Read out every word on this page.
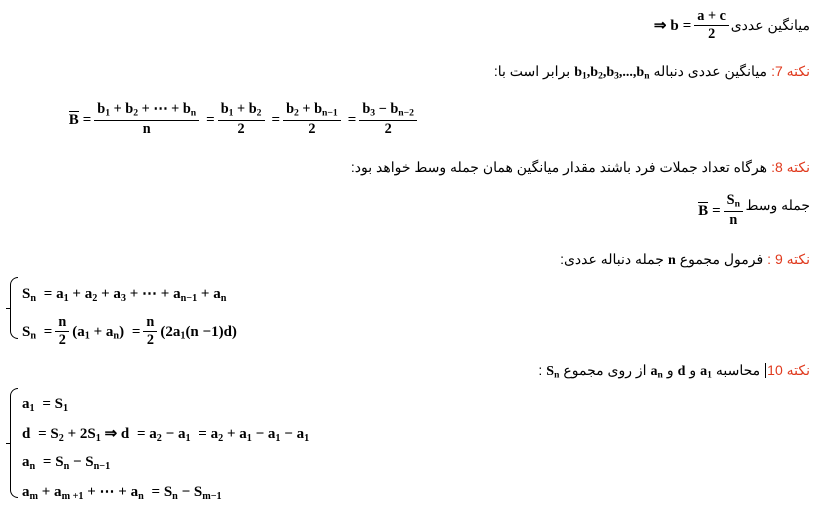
میانگین عددی
⇒ $b = \frac{a + c}{2}$
نکته 7: میانگین عددی دنباله $b_1,b_2,b_3,...,b_n$ برابر است با:
$B = \frac{b_1 + b_2 + \cdots + b_n}{n} = \frac{b_1 + b_2}{2} = \frac{b_2 + b_{n-1}}{2} = \frac{b_3 - b_{n-2}}{2}$
نکته 8: هرگاه تعداد جملات فرد باشند مقدار میانگین همان جمله وسط خواهد بود:
جمله وسط
$B = \frac{S_n}{n}$
نکته 9 : فرمول مجموع n جمله دنباله عددی:
$S_n = a_1 + a_2 + a_3$ + ⋯ + $a_{n-1} + a_n$
$S_n = \frac{n}{2} (a_1 + a_n) = \frac{n}{2} (2a_1(n -1)d)$
نکته 10 محاسبه $a_1$ و d و $a_n$ از روی مجموع $S_n$ :
$a_1 = S_1$
$d = S_2 + 2S_1$ ⇒ $d = a_2 - a_1 = a_2 + a_1 - a_1 - a_1$
$a_n = S_n - S_{n-1}$
$a_m + a_{m +1}$ + ⋯ + $a_n = S_n - S_{m-1}$
